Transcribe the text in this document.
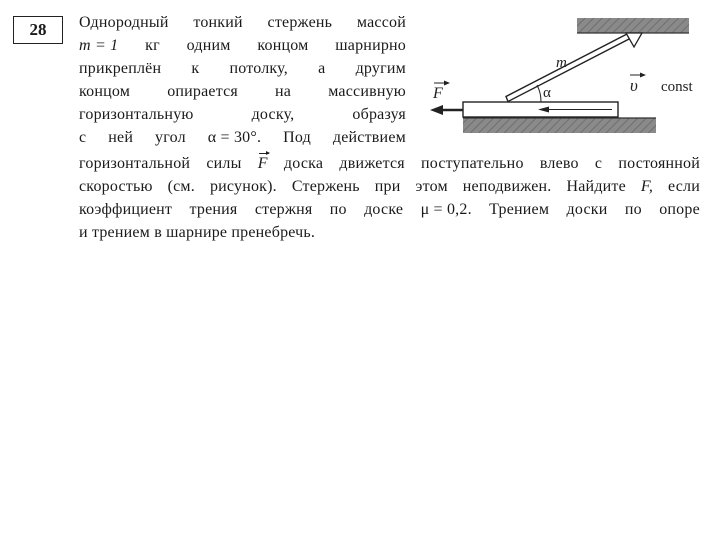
28	Однородный тонкий стержень массой
m = 1 кг одним концом шарнирно
прикреплён к потолку, а другим
концом опирается на массивную
горизонтальную	доску,	образуя
с ней угол α = 30°. Под действием
горизонтальной силы F доска движется поступательно влево с постоянной
скоростью (см. рисунок). Стержень при этом неподвижен. Найдите F, если
коэффициент трения стержня по доске μ = 0,2. Трением доски по опоре
и трением в шарнире пренебречь.
m
α
F	υ const
